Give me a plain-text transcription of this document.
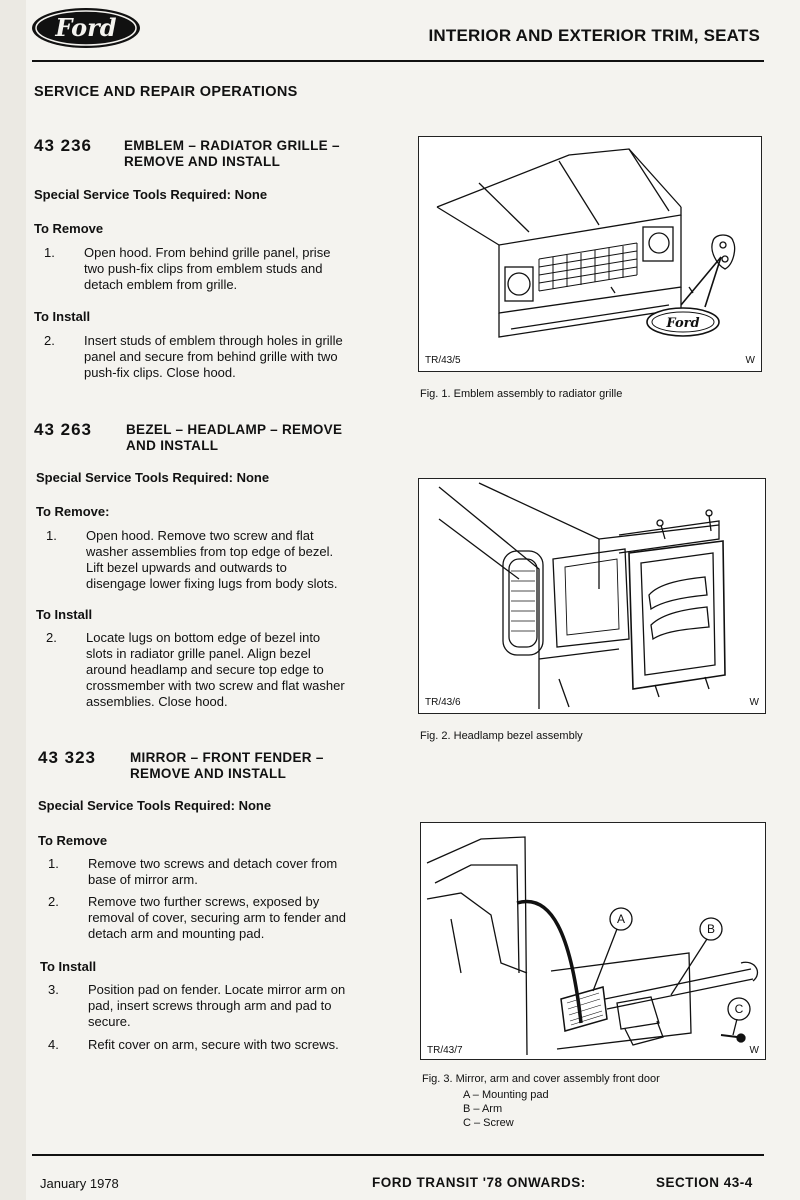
Ford	INTERIOR AND EXTERIOR TRIM, SEATS
SERVICE AND REPAIR OPERATIONS
43 236 EMBLEM – RADIATOR GRILLE –
REMOVE AND INSTALL
Special Service Tools Required: None
To Remove
1. Open hood. From behind grille panel, prise
two push-fix clips from emblem studs and
detach emblem from grille.
To Install
2. Insert studs of emblem through holes in grille
panel and secure from behind grille with two
push-fix clips. Close hood.
43 263	BEZEL – HEADLAMP – REMOVE
AND INSTALL
Special Service Tools Required: None
To Remove:
1. Open hood. Remove two screw and flat
washer assemblies from top edge of bezel.
Lift bezel upwards and outwards to
disengage lower fixing lugs from body slots.
To Install
2. Locate lugs on bottom edge of bezel into
slots in radiator grille panel. Align bezel
around headlamp and secure top edge to
crossmember with two screw and flat washer
assemblies. Close hood.
43 323	MIRROR – FRONT FENDER –
REMOVE AND INSTALL
Special Service Tools Required: None
To Remove
1. Remove two screws and detach cover from
base of mirror arm.
2. Remove two further screws, exposed by
removal of cover, securing arm to fender and
detach arm and mounting pad.
To Install
3. Position pad on fender. Locate mirror arm on
pad, insert screws through arm and pad to
secure.
4. Refit cover on arm, secure with two screws.
Ford
TR/43/5	W
Fig. 1. Emblem assembly to radiator grille
TR/43/6	W
Fig. 2. Headlamp bezel assembly
A
B
C
TR/43/7	W
Fig. 3. Mirror, arm and cover assembly front door
A – Mounting pad
B – Arm
C – Screw
January 1978	FORD TRANSIT '78 ONWARDS:	SECTION 43-4
